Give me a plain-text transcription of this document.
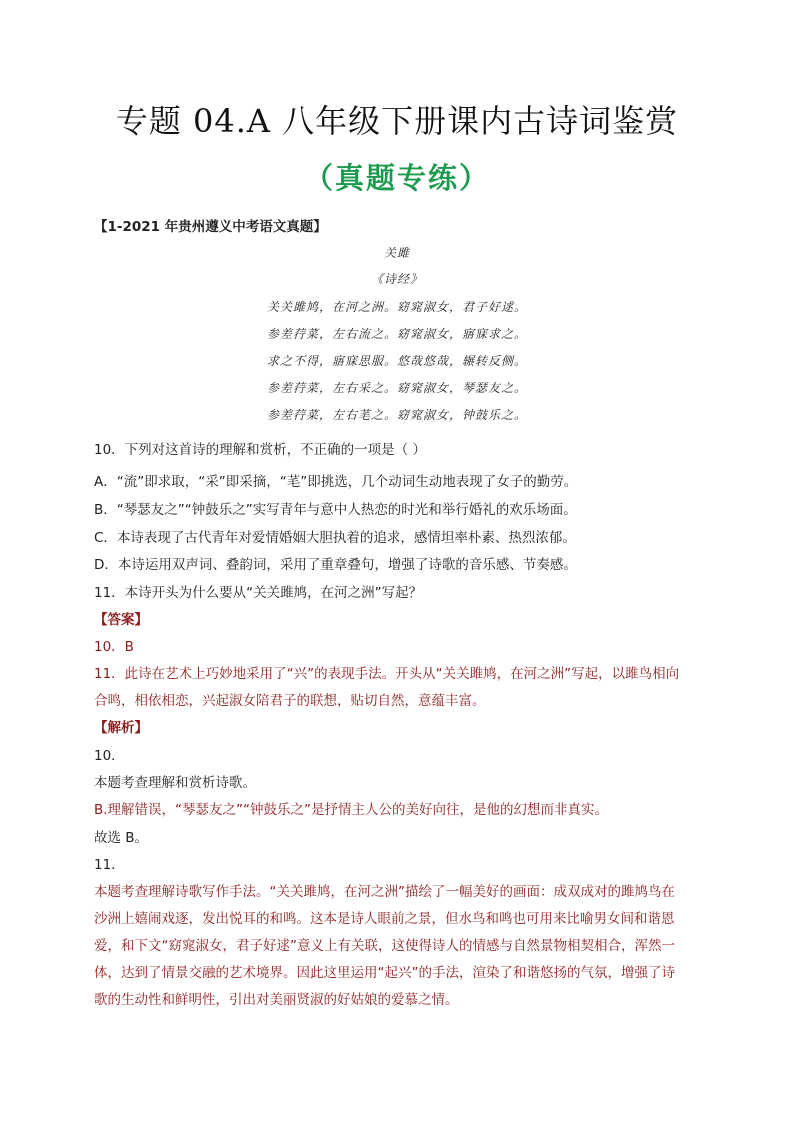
专题 04.A 八年级下册课内古诗词鉴赏
（真题专练）
【1-2021 年贵州遵义中考语文真题】
关雎
《诗经》
关关雎鸠，在河之洲。窈窕淑女，君子好逑。
参差荇菜，左右流之。窈窕淑女，寤寐求之。
求之不得，寤寐思服。悠哉悠哉，辗转反侧。
参差荇菜，左右采之。窈窕淑女，琴瑟友之。
参差荇菜，左右芼之。窈窕淑女，钟鼓乐之。
10．下列对这首诗的理解和赏析，不正确的一项是（ ）
A．“流”即求取，“采”即采摘，“芼”即挑选，几个动词生动地表现了女子的勤劳。
B．“琴瑟友之”“钟鼓乐之”实写青年与意中人热恋的时光和举行婚礼的欢乐场面。
C．本诗表现了古代青年对爱情婚姻大胆执着的追求，感情坦率朴素、热烈浓郁。
D．本诗运用双声词、叠韵词，采用了重章叠句，增强了诗歌的音乐感、节奏感。
11．本诗开头为什么要从“关关雎鸠，在河之洲”写起？
【答案】
10．B
11．此诗在艺术上巧妙地采用了“兴”的表现手法。开头从“关关雎鸠，在河之洲”写起，以雎鸟相向
合鸣，相依相恋，兴起淑女陪君子的联想，贴切自然，意蕴丰富。
【解析】
10．
本题考查理解和赏析诗歌。
B.理解错误，“琴瑟友之”“钟鼓乐之”是抒情主人公的美好向往，是他的幻想而非真实。
故选 B。
11．
本题考查理解诗歌写作手法。“关关雎鸠，在河之洲”描绘了一幅美好的画面：成双成对的雎鸠鸟在
沙洲上嬉闹戏逐，发出悦耳的和鸣。这本是诗人眼前之景，但水鸟和鸣也可用来比喻男女间和谐恩
爱，和下文“窈窕淑女，君子好逑”意义上有关联，这使得诗人的情感与自然景物相契相合，浑然一
体，达到了情景交融的艺术境界。因此这里运用“起兴”的手法，渲染了和谐悠扬的气氛，增强了诗
歌的生动性和鲜明性，引出对美丽贤淑的好姑娘的爱慕之情。
